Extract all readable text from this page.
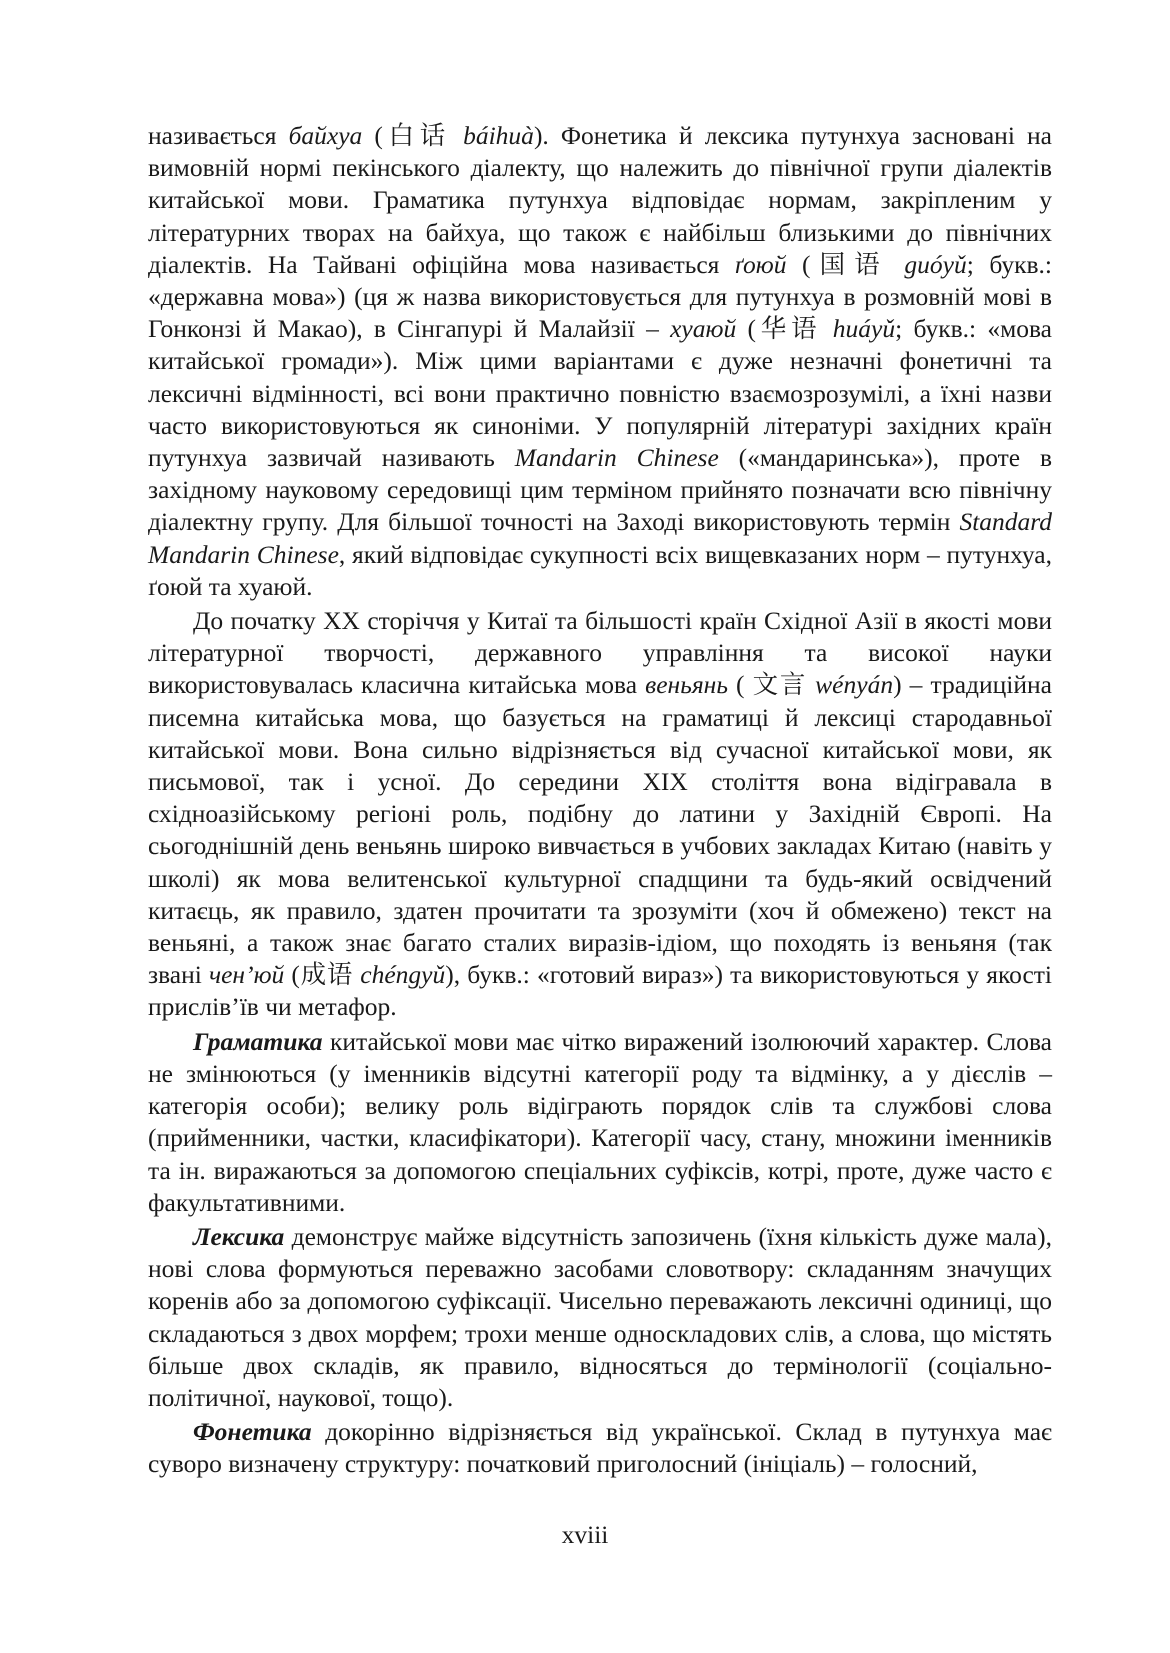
називається байхуа (白话 báihuà). Фонетика й лексика путунхуа засновані на вимовній нормі пекінського діалекту, що належить до північної групи діалектів китайської мови. Граматика путунхуа відповідає нормам, закріпленим у літературних творах на байхуа, що також є найбільш близькими до північних діалектів. На Тайвані офіційна мова називається ґоюй (国语 guóyǔ; букв.: «державна мова») (ця ж назва використовується для путунхуа в розмовній мові в Гонконзі й Макао), в Сінгапурі й Малайзії – хуаюй (华语 huáyǔ; букв.: «мова китайської громади»). Між цими варіантами є дуже незначні фонетичні та лексичні відмінності, всі вони практично повністю взаємозрозумілі, а їхні назви часто використовуються як синоніми. У популярній літературі західних країн путунхуа зазвичай називають Mandarin Chinese («мандаринська»), проте в західному науковому середовищі цим терміном прийнято позначати всю північну діалектну групу. Для більшої точності на Заході використовують термін Standard Mandarin Chinese, який відповідає сукупності всіх вищевказаних норм – путунхуа, ґоюй та хуаюй.

До початку XX сторіччя у Китаї та більшості країн Східної Азії в якості мови літературної творчості, державного управління та високої науки використовувалась класична китайська мова веньянь ( 文言 wényán) – традиційна писемна китайська мова, що базується на граматиці й лексиці стародавньої китайської мови. Вона сильно відрізняється від сучасної китайської мови, як письмової, так і усної. До середини XIX століття вона відігравала в східноазійському регіоні роль, подібну до латини у Західній Європі. На сьогоднішній день веньянь широко вивчається в учбових закладах Китаю (навіть у школі) як мова велитенської культурної спадщини та будь-який освідчений китаєць, як правило, здатен прочитати та зрозуміти (хоч й обмежено) текст на веньяні, а також знає багато сталих виразів-ідіом, що походять із веньяня (так звані чен’юй (成语 chéngyǔ), букв.: «готовий вираз») та використовуються у якості прислів’їв чи метафор.

Граматика китайської мови має чітко виражений ізолюючий характер. Слова не змінюються (у іменників відсутні категорії роду та відмінку, а у дієслів – категорія особи); велику роль відіграють порядок слів та службові слова (прийменники, частки, класифікатори). Категорії часу, стану, множини іменників та ін. виражаються за допомогою спеціальних суфіксів, котрі, проте, дуже часто є факультативними.

Лексика демонструє майже відсутність запозичень (їхня кількість дуже мала), нові слова формуються переважно засобами словотвору: складанням значущих коренів або за допомогою суфіксації. Чисельно переважають лексичні одиниці, що складаються з двох морфем; трохи менше односкладових слів, а слова, що містять більше двох складів, як правило, відносяться до термінології (соціально-політичної, наукової, тощо).

Фонетика докорінно відрізняється від української. Склад в путунхуа має суворо визначену структуру: початковий приголосний (ініціаль) – голосний,

xviii
